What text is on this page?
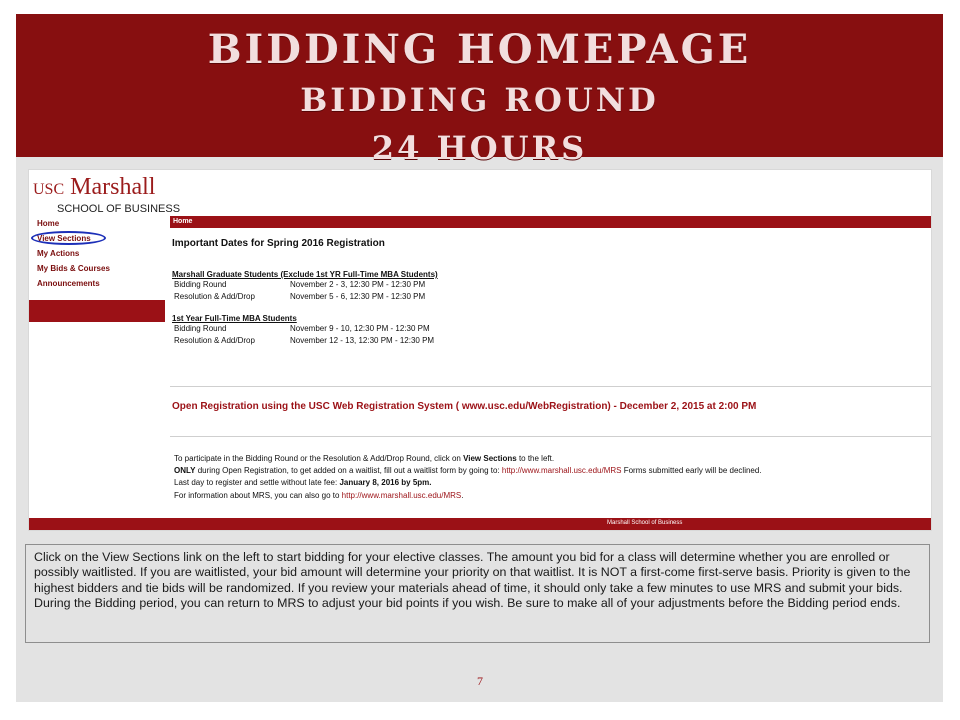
BIDDING HOMEPAGE
BIDDING ROUND
24 HOURS
USC Marshall
SCHOOL OF BUSINESS
Home
View Sections
My Actions
My Bids & Courses
Announcements
Home
Important Dates for Spring 2016 Registration
Marshall Graduate Students (Exclude 1st YR Full-Time MBA Students)
Bidding Round	November 2 - 3, 12:30 PM - 12:30 PM
Resolution & Add/Drop	November 5 - 6, 12:30 PM - 12:30 PM
1st Year Full-Time MBA Students
Bidding Round	November 9 - 10, 12:30 PM - 12:30 PM
Resolution & Add/Drop	November 12 - 13, 12:30 PM - 12:30 PM
Open Registration using the USC Web Registration System ( www.usc.edu/WebRegistration) - December 2, 2015 at 2:00 PM
To participate in the Bidding Round or the Resolution & Add/Drop Round, click on View Sections to the left.
ONLY during Open Registration, to get added on a waitlist, fill out a waitlist form by going to: http://www.marshall.usc.edu/MRS Forms submitted early will be declined.
Last day to register and settle without late fee: January 8, 2016 by 5pm.
For information about MRS, you can also go to http://www.marshall.usc.edu/MRS.
Marshall School of Business
Click on the View Sections link on the left to start bidding for your elective classes. The amount you bid for a class will determine whether you are enrolled or possibly waitlisted. If you are waitlisted, your bid amount will determine your priority on that waitlist. It is NOT a first-come first-serve basis. Priority is given to the highest bidders and tie bids will be randomized. If you review your materials ahead of time, it should only take a few minutes to use MRS and submit your bids. During the Bidding period, you can return to MRS to adjust your bid points if you wish. Be sure to make all of your adjustments before the Bidding period ends.
7
